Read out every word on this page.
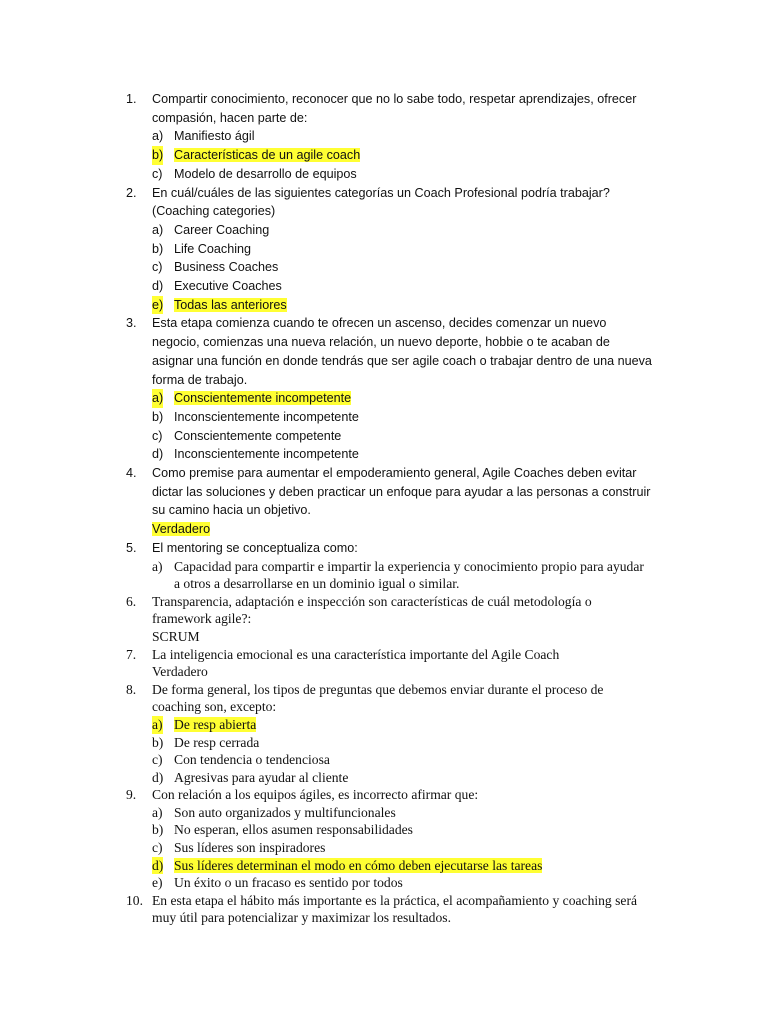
1. Compartir conocimiento, reconocer que no lo sabe todo, respetar aprendizajes, ofrecer compasión, hacen parte de:
a) Manifiesto ágil
b) Características de un agile coach
c) Modelo de desarrollo de equipos
2. En cuál/cuáles de las siguientes categorías un Coach Profesional podría trabajar? (Coaching categories)
a) Career Coaching
b) Life Coaching
c) Business Coaches
d) Executive Coaches
e) Todas las anteriores
3. Esta etapa comienza cuando te ofrecen un ascenso, decides comenzar un nuevo negocio, comienzas una nueva relación, un nuevo deporte, hobbie o te acaban de asignar una función en donde tendrás que ser agile coach o trabajar dentro de una nueva forma de trabajo.
a) Conscientemente incompetente
b) Inconscientemente incompetente
c) Conscientemente competente
d) Inconscientemente incompetente
4. Como premise para aumentar el empoderamiento general, Agile Coaches deben evitar dictar las soluciones y deben practicar un enfoque para ayudar a las personas a construir su camino hacia un objetivo.
Verdadero
5. El mentoring se conceptualiza como:
a) Capacidad para compartir e impartir la experiencia y conocimiento propio para ayudar a otros a desarrollarse en un dominio igual o similar.
6. Transparencia, adaptación e inspección son características de cuál metodología o framework agile?:
SCRUM
7. La inteligencia emocional es una característica importante del Agile Coach
Verdadero
8. De forma general, los tipos de preguntas que debemos enviar durante el proceso de coaching son, excepto:
a) De resp abierta
b) De resp cerrada
c) Con tendencia o tendenciosa
d) Agresivas para ayudar al cliente
9. Con relación a los equipos ágiles, es incorrecto afirmar que:
a) Son auto organizados y multifuncionales
b) No esperan, ellos asumen responsabilidades
c) Sus líderes son inspiradores
d) Sus líderes determinan el modo en cómo deben ejecutarse las tareas
e) Un éxito o un fracaso es sentido por todos
10. En esta etapa el hábito más importante es la práctica, el acompañamiento y coaching será muy útil para potencializar y maximizar los resultados.
